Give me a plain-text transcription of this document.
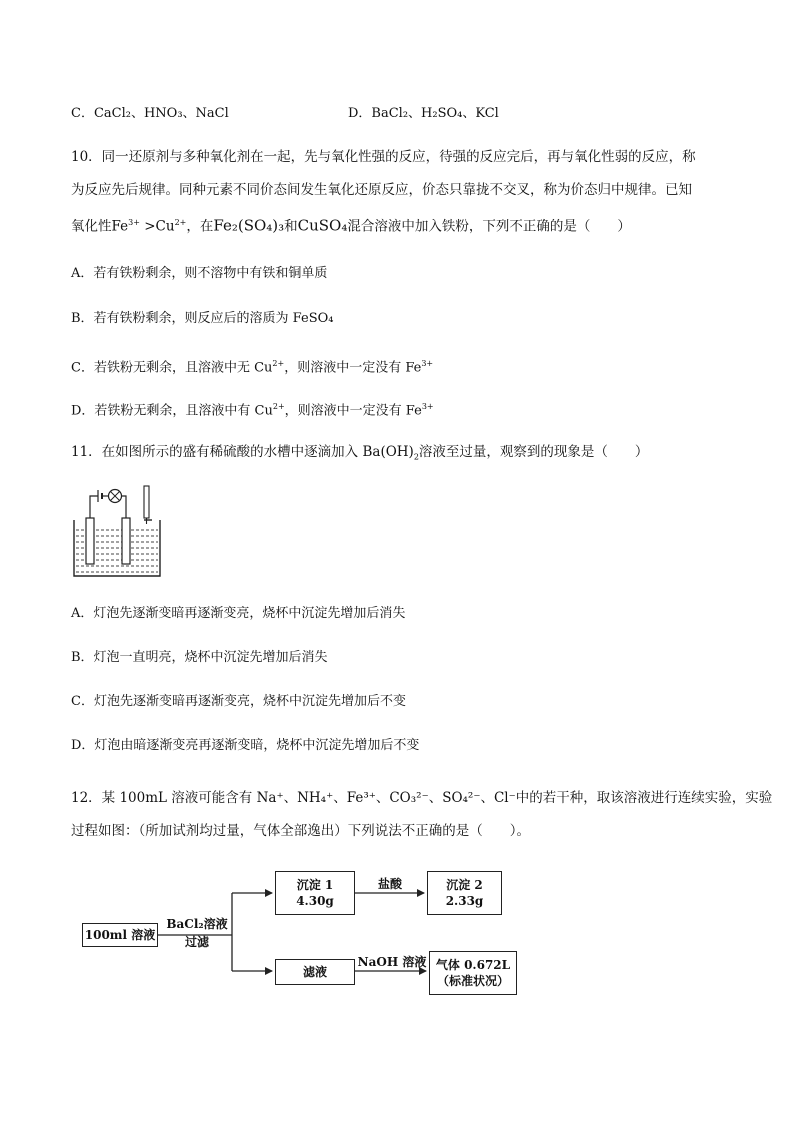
C．CaCl₂、HNO₃、NaCl	D．BaCl₂、H₂SO₄、KCl
10．同一还原剂与多种氧化剂在一起，先与氧化性强的反应，待强的反应完后，再与氧化性弱的反应，称
为反应先后规律。同种元素不同价态间发生氧化还原反应，价态只靠拢不交叉，称为价态归中规律。已知
氧化性$Fe^{3+} >Cu^{2+}$，在Fe₂(SO₄)₃和CuSO₄混合溶液中加入铁粉，下列不正确的是（　　）
A．若有铁粉剩余，则不溶物中有铁和铜单质
B．若有铁粉剩余，则反应后的溶质为 FeSO₄
C．若铁粉无剩余，且溶液中无 $Cu^{2+}$，则溶液中一定没有 $Fe^{3+}$
D．若铁粉无剩余，且溶液中有 $Cu^{2+}$，则溶液中一定没有 $Fe^{3+}$
11．在如图所示的盛有稀硫酸的水槽中逐滴加入 $Ba(OH)_2$溶液至过量，观察到的现象是（　　）
A．灯泡先逐渐变暗再逐渐变亮，烧杯中沉淀先增加后消失
B．灯泡一直明亮，烧杯中沉淀先增加后消失
C．灯泡先逐渐变暗再逐渐变亮，烧杯中沉淀先增加后不变
D．灯泡由暗逐渐变亮再逐渐变暗，烧杯中沉淀先增加后不变
12．某 100mL 溶液可能含有 Na⁺、NH₄⁺、Fe³⁺、CO₃²⁻、SO₄²⁻、Cl⁻中的若干种，取该溶液进行连续实验，实验
过程如图：（所加试剂均过量，气体全部逸出）下列说法不正确的是（　　）。
100ml 溶液
BaCl₂溶液
过滤
沉淀 1
4.30g
盐酸	沉淀 2
2.33g
滤液
NaOH 溶液 气体 0.672L
（标准状况）
